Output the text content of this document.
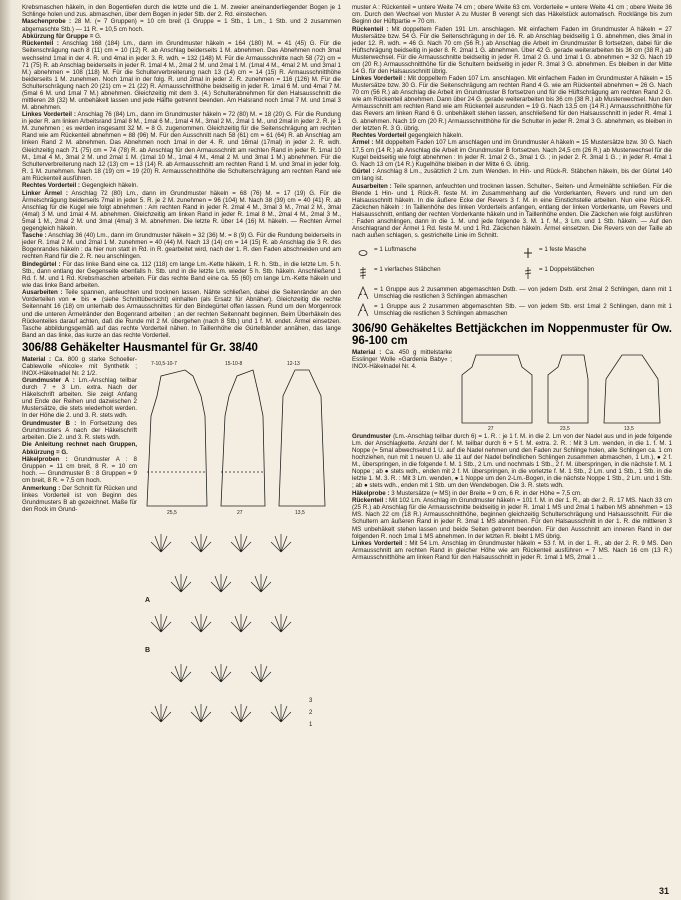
Krebsmaschen häkeln, in den Bogentiefen durch die letzte und die 1. M. zweier aneinanderliegender Bogen je 1 Schlinge holen und zus. abmaschen, über dem Bogen in jeder Stb. der 2. Rd. einstechen.

Maschenprobe : 28 M. (= 7 Gruppen) = 10 cm breit (1 Gruppe = 1 Stb., 1 Lm., 1 Stb. und 2 zusammen abgemaschte Stb.) — 11 R. = 10,5 cm hoch.

Abkürzung für Gruppe = G.

Rückenteil : Anschlag 168 (184) Lm., dann im Grundmuster häkeln = 164 (180) M. = 41 (45) G. Für die Seitenschrägung nach 8 (11) cm = 10 (12) R. ab Anschlag beiderseits 1 M. abnehmen. Das Abnehmen noch 3mal wechselnd 1mal in der 4. R. und 4mal in jeder 3. R. wdh. = 132 (148) M. Für die Armausschnitte nach 58 (72) cm = 71 (75) R. ab Anschlag beiderseits in jeder R. 1mal 4 M., 2mal 2 M. und 2mal 1 M. (1mal 4 M., 4mal 2 M. und 3mal 1 M.) abnehmen = 108 (118) M. Für die Schulterverbreiterung nach 13 (14) cm = 14 (15) R. Armausschnitthöhe beiderseits 1 M. zunehmen. Noch 1mal in der folg. R. und 2mal in jeder 2. R. zunehmen = 116 (126) M. Für die Schulterschrägung nach 20 (21) cm = 21 (22) R. Armausschnitthöhe beidseitig in jeder R. 1mal 6 M. und 4mal 7 M. (5mal 6 M. und 1mal 7 M.) abnehmen. Gleichzeitig mit dem 3. (4.) Schulterabnehmen für den Halsausschnitt die mittleren 28 (32) M. unbehäkelt lassen und jede Hälfte getrennt beenden. Am Halsrand noch 1mal 7 M. und 1mal 3 M. abnehmen.

Linkes Vorderteil : Anschlag 76 (84) Lm., dann im Grundmuster häkeln = 72 (80) M. = 18 (20) G. Für die Rundung in jeder R. am linken Arbeitsrand 1mal 8 M., 1mal 6 M., 1mal 4 M., 3mal 2 M., 2mal 1 M., und 2mal in jeder 2. R. je 1 M. zunehmen ; es werden insgesamt 32 M. = 8 G. zugenommen. Gleichzeitig für die Seitenschrägung am rechten Rand wie am Rückenteil abnehmen = 88 (96) M. Für den Ausschnitt nach 58 (61) cm = 61 (64) R. ab Anschlag am linken Rand 2 M. abnehmen. Das Abnehmen noch 1mal in der 4. R. und 16mal (17mal) in jeder 2. R. wdh. Gleichzeitig nach 71 (75) cm = 74 (78) R. ab Anschlag für den Armausschnitt am rechten Rand in jeder R. 1mal 10 M., 1mal 4 M., 3mal 2 M. und 2mal 1 M. (1mal 10 M., 1mal 4 M., 4mal 2 M. und 3mal 1 M.) abnehmen. Für die Schulterverbreiterung nach 12 (13) cm = 13 (14) R. ab Armausschnitt am rechten Rand 1 M. und 3mal in jeder folg. R. 1 M. zunehmen. Nach 18 (19) cm = 19 (20) R. Armausschnitthöhe die Schulterschrägung am rechten Rand wie am Rückenteil ausführen.

Rechtes Vorderteil : Gegengleich häkeln.

Linker Ärmel : Anschlag 72 (80) Lm., dann im Grundmuster häkeln = 68 (76) M. = 17 (19) G. Für die Ärmelschrägung beiderseits 7mal in jeder 5. R. je 2 M. zunehmen = 96 (104) M. Nach 38 (39) cm = 40 (41) R. ab Anschlag für die Kugel wie folgt abnehmen : Am rechten Rand in jeder R. 2mal 4 M., 3mal 3 M., 7mal 2 M., 3mal (4mal) 3 M. und 1mal 4 M. abnehmen. Gleichzeitig am linken Rand in jeder R. 1mal 8 M., 2mal 4 M., 2mal 3 M., 5mal 1 M., 2mal 2 M. und 3mal (4mal) 3 M. abnehmen. Die letzte R. über 14 (16) M. häkeln. — Rechten Ärmel gegengleich häkeln.

Tasche : Anschlag 36 (40) Lm., dann im Grundmuster häkeln = 32 (36) M. = 8 (9) G. Für die Rundung beiderseits in jeder R. 1mal 2 M. und 2mal 1 M. zunehmen = 40 (44) M. Nach 13 (14) cm = 14 (15) R. ab Anschlag die 3 R. des Bogenrandes häkeln : da hier nun statt in Rd. in R. gearbeitet wird, nach der 1. R. den Faden abschneiden und am rechten Rand für die 2. R. neu anschlingen.

Bindegürtel : Für das linke Band eine ca. 112 (118) cm lange Lm.-Kette häkeln, 1 R. h. Stb., in die letzte Lm. 5 h. Stb., dann entlang der Gegenseite ebenfalls h. Stb. und in die letzte Lm. wieder 5 h. Stb. häkeln. Anschließend 1 Rd. f. M. und 1 Rd. Krebsmaschen arbeiten. Für das rechte Band eine ca. 55 (60) cm lange Lm.-Kette häkeln und wie das linke Band arbeiten.

Ausarbeiten : Teile spannen, anfeuchten und trocknen lassen. Nähte schließen, dabei die Seitenränder an den Vorderteilen von ● bis ● (siehe Schnittübersicht) einhalten (als Ersatz für Abnäher). Gleichzeitig die rechte Seitennaht 16 (18) cm unterhalb des Armausschnittes für den Bindegürtel offen lassen. Rund um den Morgenrock und die unteren Ärmelränder den Bogenrand arbeiten ; an der rechten Seitennaht beginnen. Beim Überhäkeln des Rückenteiles darauf achten, daß die Runde mit 2 M. übergehen (nach 8 Stb.) und 1 f. M. endet. Ärmel einsetzen. Tasche abbildungsgemäß auf das rechte Vorderteil nähen. In Taillenhöhe die Gürtelbänder annähen, das lange Band an das linke, das kurze an das rechte Vorderteil.

306/88 Gehäkelter Hausmantel für Gr. 38/40

Material : Ca. 800 g starke Schoeller-Cablewolle »Nicole« mit Synthetik ; INOX-Häkelnadel Nr. 2 1/2.

Grundmuster A : Lm.-Anschlag teilbar durch 7 + 3 Lm. extra. Nach der Häkelschrift arbeiten. Sie zeigt Anfang und Ende der Reihen und dazwischen 2 Mustersätze, die stets wiederholt werden. In der Höhe die 2. und 3. R. stets wdh.

Grundmuster B : In Fortsetzung des Grundmusters A nach der Häkelschrift arbeiten. Die 2. und 3. R. stets wdh.

Die Anleitung rechnet nach Gruppen, Abkürzung = G.

Häkelproben : Grundmuster A : 8 Gruppen = 11 cm breit, 8 R. = 10 cm hoch. — Grundmuster B : 8 Gruppen = 9 cm breit, 8 R. = 7,5 cm hoch.

Anmerkung : Der Schnitt für Rücken und linkes Vorderteil ist von Beginn des Grundmusters B ab gezeichnet. Maße für den Rock im Grund-

7-10,5-10-7	15-10-8	12-13
25,5	27	13,5
A
B
3
2
1

muster A : Rückenteil = untere Weite 74 cm ; obere Weite 63 cm. Vorderteile = untere Weite 41 cm ; obere Weite 36 cm. Durch den Wechsel von Muster A zu Muster B verengt sich das Häkelstück automatisch. Rocklänge bis zum Beginn der Hüftpartie = 70 cm.

Rückenteil : Mit doppeltem Faden 191 Lm. anschlagen. Mit einfachem Faden im Grundmuster A häkeln = 27 Mustersätze bzw. 54 G. Für die Seitenschrägung in der 16. R. ab Anschlag beidseitig 1 G. abnehmen, dies 3mal in jeder 12. R. wdh. = 46 G. Nach 70 cm (56 R.) ab Anschlag die Arbeit im Grundmuster B fortsetzen, dabei für die Hüftschrägung beidseitig in jeder 8. R. 2mal 1 G. abnehmen. Über 42 G. gerade weiterarbeiten bis 36 cm (38 R.) ab Musterwechsel. Für die Armausschnitte beidseitig in jeder R. 1mal 2 G. und 1mal 1 G. abnehmen = 32 G. Nach 19 cm (20 R.) Armausschnitthöhe für die Schultern beidseitig in jeder R. 3mal 3 G. abnehmen. Es bleiben in der Mitte 14 G. für den Halsausschnitt übrig.

Linkes Vorderteil : Mit doppeltem Faden 107 Lm. anschlagen. Mit einfachem Faden im Grundmuster A häkeln = 15 Mustersätze bzw. 30 G. Für die Seitenschrägung am rechten Rand 4 G. wie am Rückenteil abnehmen = 26 G. Nach 70 cm (56 R.) ab Anschlag die Arbeit im Grundmuster B fortsetzen und für die Hüftschrägung am rechten Rand 2 G. wie am Rückenteil abnehmen. Dann über 24 G. gerade weiterarbeiten bis 36 cm (38 R.) ab Musterwechsel. Nun den Armausschnitt am rechten Rand wie am Rückenteil ausrunden = 19 G. Nach 13,5 cm (14 R.) Armausschnitthöhe für das Revers am linken Rand 6 G. unbehäkelt stehen lassen, anschließend für den Halsausschnitt in jeder R. 4mal 1 G. abnehmen. Nach 19 cm (20 R.) Armausschnitthöhe für die Schulter in jeder R. 2mal 3 G. abnehmen, es bleiben in der letzten R. 3 G. übrig.

Rechtes Vorderteil gegengleich häkeln.

Ärmel : Mit doppeltem Faden 107 Lm anschlagen und im Grundmuster A häkeln = 15 Mustersätze bzw. 30 G. Nach 17,5 cm (14 R.) ab Anschlag die Arbeit im Grundmuster B fortsetzen. Nach 24,5 cm (26 R.) ab Musterwechsel für die Kugel beidseitig wie folgt abnehmen : In jeder R. 1mal 2 G., 3mal 1 G. ; in jeder 2. R. 3mal 1 G. ; in jeder R. 4mal 1 G. Nach 13 cm (14 R.) Kugelhöhe bleiben in der Mitte 6 G. übrig.

Gürtel : Anschlag 8 Lm., zusätzlich 2 Lm. zum Wenden. In Hin- und Rück-R. Stäbchen häkeln, bis der Gürtel 140 cm lang ist.

Ausarbeiten : Teile spannen, anfeuchten und trocknen lassen. Schulter-, Seiten- und Ärmelnähte schließen. Für die Blende 1 Hin- und 1 Rück-R. feste M. im Zusammenhang auf die Vorderkanten, Revers und rund um den Halsausschnitt häkeln. In die äußere Ecke der Revers 3 f. M. in eine Einstichstelle arbeiten. Nun eine Rück-R. Zäckchen häkeln : In Taillenhöhe des linken Vorderteils anfangen, entlang der linken Vorderkante, um Revers und Halsausschnitt, entlang der rechten Vorderkante häkeln und in Taillenhöhe enden. Die Zäckchen wie folgt ausführen : Faden anschlingen, dann in die 1. M. und jede folgende 3. M. 1 f. M., 3 Lm. und 1 Stb. häkeln. — Auf den Anschlagrand der Ärmel 1 Rd. feste M. und 1 Rd. Zäckchen häkeln. Ärmel einsetzen. Die Revers von der Taille ab nach außen schlagen, s. gestrichelte Linie im Schnitt.

= 1 Luftmasche	= 1 feste Masche
= 1 vierfaches Stäbchen	= 1 Doppelstäbchen
= 1 Gruppe aus 2 zusammen abgemaschten Dstb. — von jedem Dstb. erst 2mal 2 Schlingen, dann mit 1 Umschlag die restlichen 3 Schlingen abmaschen
= 1 Gruppe aus 2 zusammen abgemaschten Stb. — von jedem Stb. erst 1mal 2 Schlingen, dann mit 1 Umschlag die restlichen 3 Schlingen abmaschen
306/90 Gehäkeltes Bettjäckchen im Noppenmuster für Ow. 96-100 cm

Material : Ca. 450 g mittelstarke Esslinger Wolle »Gardenia Baby« ; INOX-Häkelnadel Nr. 4.

27	23,5	13,5

Grundmuster (Lm.-Anschlag teilbar durch 6) = 1. R. : je 1 f. M. in die 2. Lm von der Nadel aus und in jede folgende Lm. der Anschlagkette. Anzahl der f. M. teilbar durch 6 + 5 f. M. extra. 2. R. : Mit 3 Lm. wenden, in die 1. f. M. 1 Noppe (= 5mal abwechselnd 1 U. auf die Nadel nehmen und den Faden zur Schlinge holen, alle Schlingen ca. 1 cm hochziehen, nun mit 1 neuen U. alle 11 auf der Nadel befindlichen Schlingen zusammen abmaschen, 1 Lm.), ● 2 f. M., überspringen, in die folgende f. M. 1 Stb., 2 Lm. und nochmals 1 Stb., 2 f. M. überspringen, in die nächste f. M. 1 Noppe ; ab ● stets wdh., enden mit 2 f. M. überspringen, in die vorletzte f. M. 1 Stb., 2 Lm. und 1 Stb., 1 Stb. in die letzte 1. M. 3. R. : Mit 3 Lm. wenden, ● 1 Noppe um den 2-Lm.-Bogen, in die nächste Noppe 1 Stb., 2 Lm. und 1 Stb. ; ab ● stets wdh., enden mit 1 Stb. um den Wendebogen. Die 3. R. stets wdh.

Häkelprobe : 3 Mustersätze (= MS) in der Breite = 9 cm, 6 R. in der Höhe = 7,5 cm.

Rückenteil : Mit 102 Lm. Anschlag im Grundmuster häkeln = 101 f. M. in der 1. R., ab der 2. R. 17 MS. Nach 33 cm (25 R.) ab Anschlag für die Armausschnitte beidseitig in jeder R. 1mal 1 MS und 2mal 1 halben MS abnehmen = 13 MS. Nach 22 cm (18 R.) Armausschnitthöhe, beginnen gleichzeitig Schulterschrägung und Halsausschnitt. Für die Schultern am äußeren Rand in jeder R. 3mal 1 MS abnehmen. Für den Halsausschnitt in der 1. R. die mittleren 3 MS unbehäkelt stehen lassen und beide Seiten getrennt beenden. Für den Ausschnitt am inneren Rand in der folgenden R. noch 1mal 1 MS abnehmen. In der letzten R. bleibt 1 MS übrig.

Linkes Vorderteil : Mit 54 Lm. Anschlag im Grundmuster häkeln = 53 f. M. in der 1. R., ab der 2. R. 9 MS. Den Armausschnitt am rechten Rand in gleicher Höhe wie am Rückenteil ausführen = 7 MS. Nach 16 cm (13 R.) Armausschnitthöhe am linken Rand für den Halsausschnitt in jeder R. 1mal 1 MS, 2mal 1 ...

31
